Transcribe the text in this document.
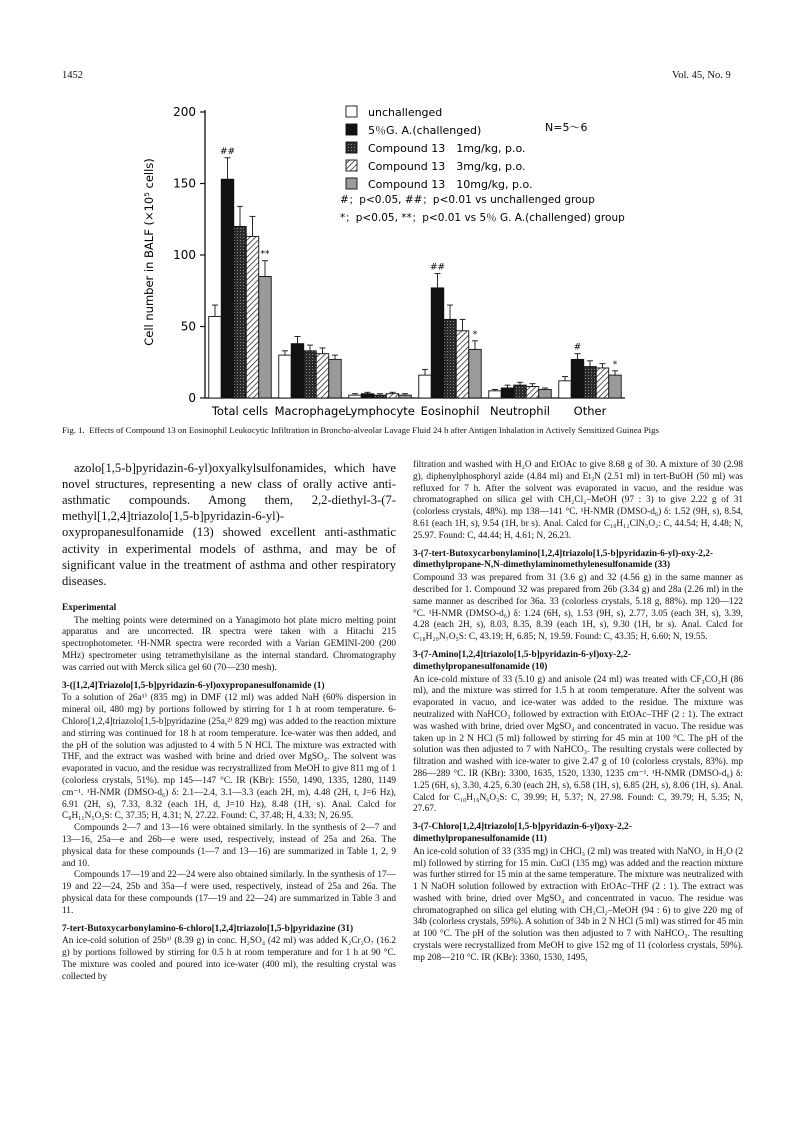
1452	Vol. 45, No. 9
0
50
100
150
200
##
**
Total cells Macrophage Lymphocyte
##
*
Eosinophil Neutrophil
#
*
Other
unchallenged
5％G. A.(challenged)
Compound 13　1mg/kg, p.o.
Compound 13　3mg/kg, p.o.
Compound 13　10mg/kg, p.o.
N=5～6
#；p<0.05, ##；p<0.01 vs unchallenged group
*；p<0.05, **；p<0.01 vs 5％ G. A.(challenged) group
Cell number in BALF (×10⁵ cells)
Fig. 1. Effects of Compound 13 on Eosinophil Leukocytic Infiltration in Broncho-alveolar Lavage Fluid 24 h after Antigen Inhalation in Actively Sensitized Guinea Pigs

azolo[1,5-b]pyridazin-6-yl)oxyalkylsulfonamides, which have novel structures, representing a new class of orally active anti-asthmatic compounds. Among them, 2,2-diethyl-3-(7-methyl[1,2,4]triazolo[1,5-b]pyridazin-6-yl)-oxypropanesulfonamide (13) showed excellent anti-asthmatic activity in experimental models of asthma, and may be of significant value in the treatment of asthma and other respiratory diseases.

Experimental

The melting points were determined on a Yanagimoto hot plate micro melting point apparatus and are uncorrected. IR spectra were taken with a Hitachi 215 spectrophotometer. ¹H-NMR spectra were recorded with a Varian GEMINI-200 (200 MHz) spectrometer using tetramethylsilane as the internal standard. Chromatography was carried out with Merck silica gel 60 (70—230 mesh).

3-([1,2,4]Triazolo[1,5-b]pyridazin-6-yl)oxypropanesulfonamide (1)

To a solution of 26a¹⁾ (835 mg) in DMF (12 ml) was added NaH (60% dispersion in mineral oil, 480 mg) by portions followed by stirring for 1 h at room temperature. 6-Chloro[1,2,4]triazolo[1,5-b]pyridazine (25a,²⁾ 829 mg) was added to the reaction mixture and stirring was continued for 18 h at room temperature. Ice-water was then added, and the pH of the solution was adjusted to 4 with 5 N HCl. The mixture was extracted with THF, and the extract was washed with brine and dried over MgSO₄. The solvent was evaporated in vacuo, and the residue was recrystrallized from MeOH to give 811 mg of 1 (colorless crystals, 51%). mp 145—147 °C. IR (KBr): 1550, 1490, 1335, 1280, 1149 cm⁻¹. ¹H-NMR (DMSO-d₆) δ: 2.1—2.4, 3.1—3.3 (each 2H, m), 4.48 (2H, t, J=6 Hz), 6.91 (2H, s), 7.33, 8.32 (each 1H, d, J=10 Hz), 8.48 (1H, s). Anal. Calcd for C₈H₁₁N₅O₃S: C, 37.35; H, 4.31; N, 27.22. Found: C, 37.48; H, 4.33; N, 26.95.

Compounds 2—7 and 13—16 were obtained similarly. In the synthesis of 2—7 and 13—16, 25a—e and 26b—e were used, respectively, instead of 25a and 26a. The physical data for these compounds (1—7 and 13—16) are summarized in Table 1, 2, 9 and 10.

Compounds 17—19 and 22—24 were also obtained similarly. In the synthesis of 17—19 and 22—24, 25b and 35a—f were used, respectively, instead of 25a and 26a. The physical data for these compounds (17—19 and 22—24) are summarized in Table 3 and 11.

7-tert-Butoxycarbonylamino-6-chloro[1,2,4]triazolo[1,5-b]pyridazine (31)

An ice-cold solution of 25b³⁾ (8.39 g) in conc. H₂SO₄ (42 ml) was added K₂Cr₂O₇ (16.2 g) by portions followed by stirring for 0.5 h at room temperature and for 1 h at 90 °C. The mixture was cooled and poured into ice-water (400 ml), the resulting crystal was collected by

filtration and washed with H₂O and EtOAc to give 8.68 g of 30. A mixture of 30 (2.98 g), diphenylphosphoryl azide (4.84 ml) and Et₃N (2.51 ml) in tert-BuOH (50 ml) was refluxed for 7 h. After the solvent was evaporated in vacuo, and the residue was chromatographed on silica gel with CH₂Cl₂–MeOH (97 : 3) to give 2.22 g of 31 (colorless crystals, 48%). mp 138—141 °C. ¹H-NMR (DMSO-d₆) δ: 1.52 (9H, s), 8.54, 8.61 (each 1H, s), 9.54 (1H, br s). Anal. Calcd for C₁₀H₁₂ClN₅O₂: C, 44.54; H, 4.48; N, 25.97. Found: C, 44.44; H, 4.61; N, 26.23.

3-(7-tert-Butoxycarbonylamino[1,2,4]triazolo[1,5-b]pyridazin-6-yl)-oxy-2,2-dimethylpropane-N,N-dimethylaminomethylenesulfonamide (33)

Compound 33 was prepared from 31 (3.6 g) and 32 (4.56 g) in the same manner as described for 1. Compound 32 was prepared from 26b (3.34 g) and 28a (2.26 ml) in the same manner as described for 36a. 33 (colorless crystals, 5.18 g, 88%). mp 120—122 °C. ¹H-NMR (DMSO-d₆) δ: 1.24 (6H, s), 1.53 (9H, s), 2.77, 3.05 (each 3H, s), 3.39, 4.28 (each 2H, s), 8.03, 8.35, 8.39 (each 1H, s), 9.30 (1H, br s). Anal. Calcd for C₁₈H₂₉N₇O₅S: C, 43.19; H, 6.85; N, 19.59. Found: C, 43.35; H, 6.60; N, 19.55.

3-(7-Amino[1,2,4]triazolo[1,5-b]pyridazin-6-yl)oxy-2,2-dimethylpropanesulfonamide (10)

An ice-cold mixture of 33 (5.10 g) and anisole (24 ml) was treated with CF₃CO₂H (86 ml), and the mixture was stirred for 1.5 h at room temperature. After the solvent was evaporated in vacuo, and ice-water was added to the residue. The mixture was neutralized with NaHCO₃ followed by extraction with EtOAc–THF (2 : 1). The extract was washed with brine, dried over MgSO₄ and concentrated in vacuo. The residue was taken up in 2 N HCl (5 ml) followed by stirring for 45 min at 100 °C. The pH of the solution was then adjusted to 7 with NaHCO₃. The resulting crystals were collected by filtration and washed with ice-water to give 2.47 g of 10 (colorless crystals, 83%). mp 286—289 °C. IR (KBr): 3300, 1635, 1520, 1330, 1235 cm⁻¹. ¹H-NMR (DMSO-d₆) δ: 1.25 (6H, s), 3.30, 4.25, 6.30 (each 2H, s), 6.58 (1H, s), 6.85 (2H, s), 8.06 (1H, s). Anal. Calcd for C₁₀H₁₆N₆O₃S: C, 39.99; H, 5.37; N, 27.98. Found: C, 39.79; H, 5.35; N, 27.67.

3-(7-Chloro[1,2,4]triazolo[1,5-b]pyridazin-6-yl)oxy-2,2-dimethylpropanesulfonamide (11)

An ice-cold solution of 33 (335 mg) in CHCl₃ (2 ml) was treated with NaNO₂ in H₂O (2 ml) followed by stirring for 15 min. CuCl (135 mg) was added and the reaction mixture was further stirred for 15 min at the same temperature. The mixture was neutralized with 1 N NaOH solution followed by extraction with EtOAc–THF (2 : 1). The extract was washed with brine, dried over MgSO₄ and concentrated in vacuo. The residue was chromatographed on silica gel eluting with CH₂Cl₂–MeOH (94 : 6) to give 220 mg of 34b (colorless crystals, 59%). A solution of 34b in 2 N HCl (5 ml) was stirred for 45 min at 100 °C. The pH of the solution was then adjusted to 7 with NaHCO₃. The resulting crystals were recrystallized from MeOH to give 152 mg of 11 (colorless crystals, 59%). mp 208—210 °C. IR (KBr): 3360, 1530, 1495,
